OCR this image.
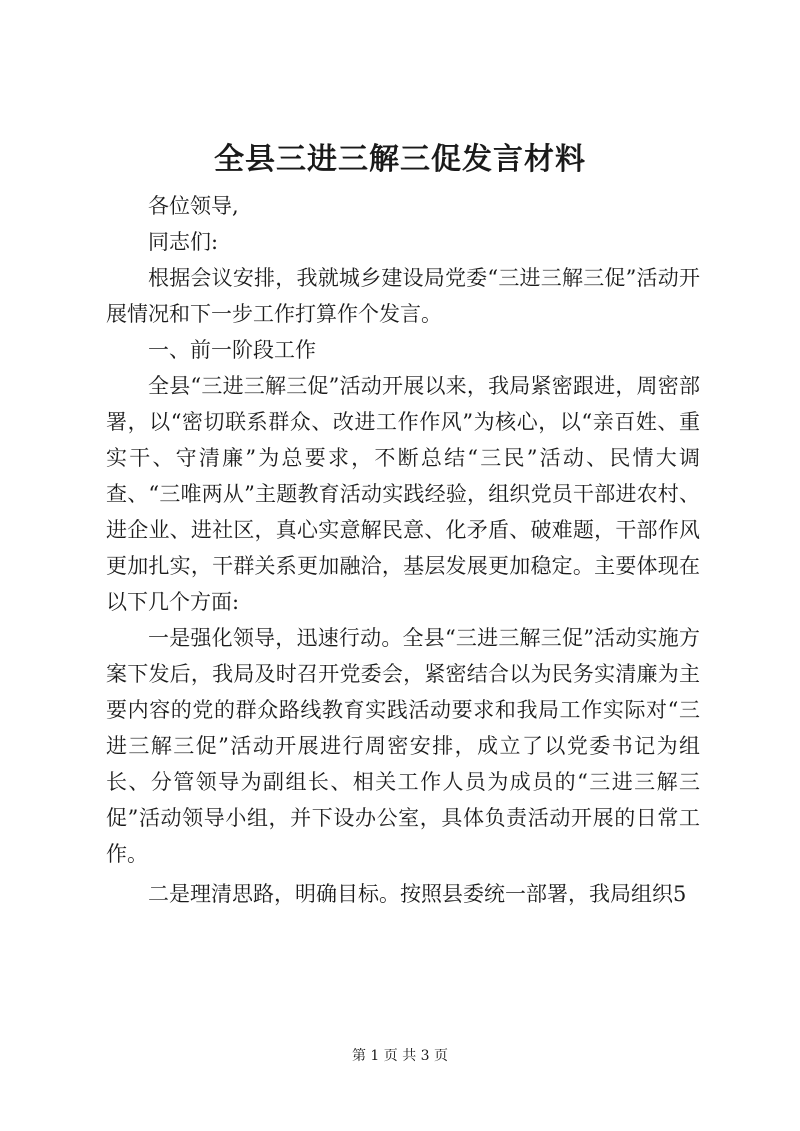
全县三进三解三促发言材料

各位领导,

同志们:

根据会议安排，我就城乡建设局党委“三进三解三促”活动开展情况和下一步工作打算作个发言。

一、前一阶段工作

全县“三进三解三促”活动开展以来，我局紧密跟进，周密部署，以“密切联系群众、改进工作作风”为核心，以“亲百姓、重实干、守清廉”为总要求，不断总结“三民”活动、民情大调查、“三唯两从”主题教育活动实践经验，组织党员干部进农村、进企业、进社区，真心实意解民意、化矛盾、破难题，干部作风更加扎实，干群关系更加融洽，基层发展更加稳定。主要体现在以下几个方面:

一是强化领导，迅速行动。全县“三进三解三促”活动实施方案下发后，我局及时召开党委会，紧密结合以为民务实清廉为主要内容的党的群众路线教育实践活动要求和我局工作实际对“三进三解三促”活动开展进行周密安排，成立了以党委书记为组长、分管领导为副组长、相关工作人员为成员的“三进三解三促”活动领导小组，并下设办公室，具体负责活动开展的日常工作。

二是理清思路，明确目标。按照县委统一部署，我局组织5

第 1 页 共 3 页
